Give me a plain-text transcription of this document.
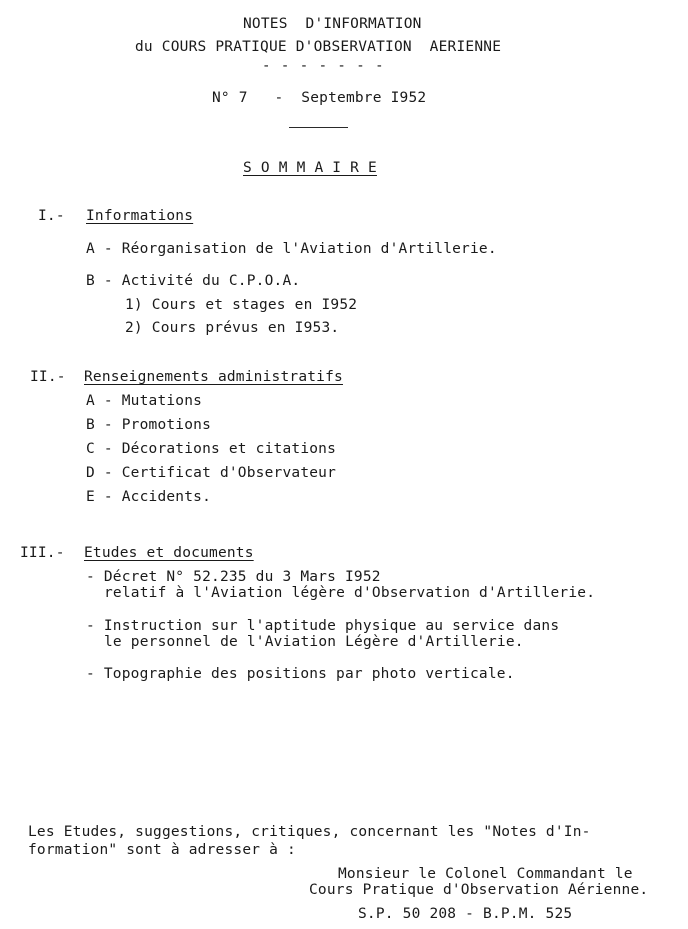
NOTES  D'INFORMATION
du COURS PRATIQUE D'OBSERVATION  AERIENNE
- - - - - - -
N° 7   -  Septembre I952
S O M M A I R E
I.- Informations
A - Réorganisation de l'Aviation d'Artillerie.
B - Activité du C.P.O.A.
1) Cours et stages en I952
2) Cours prévus en I953.
II.- Renseignements administratifs
A - Mutations
B - Promotions
C - Décorations et citations
D - Certificat d'Observateur
E - Accidents.
III.- Etudes et documents
- Décret N° 52.235 du 3 Mars I952
relatif à l'Aviation légère d'Observation d'Artillerie.
- Instruction sur l'aptitude physique au service dans
le personnel de l'Aviation Légère d'Artillerie.
- Topographie des positions par photo verticale.
Les Etudes, suggestions, critiques, concernant les "Notes d'In-
formation" sont à adresser à :
Monsieur le Colonel Commandant le
Cours Pratique d'Observation Aérienne.
S.P. 50 208 - B.P.M. 525
